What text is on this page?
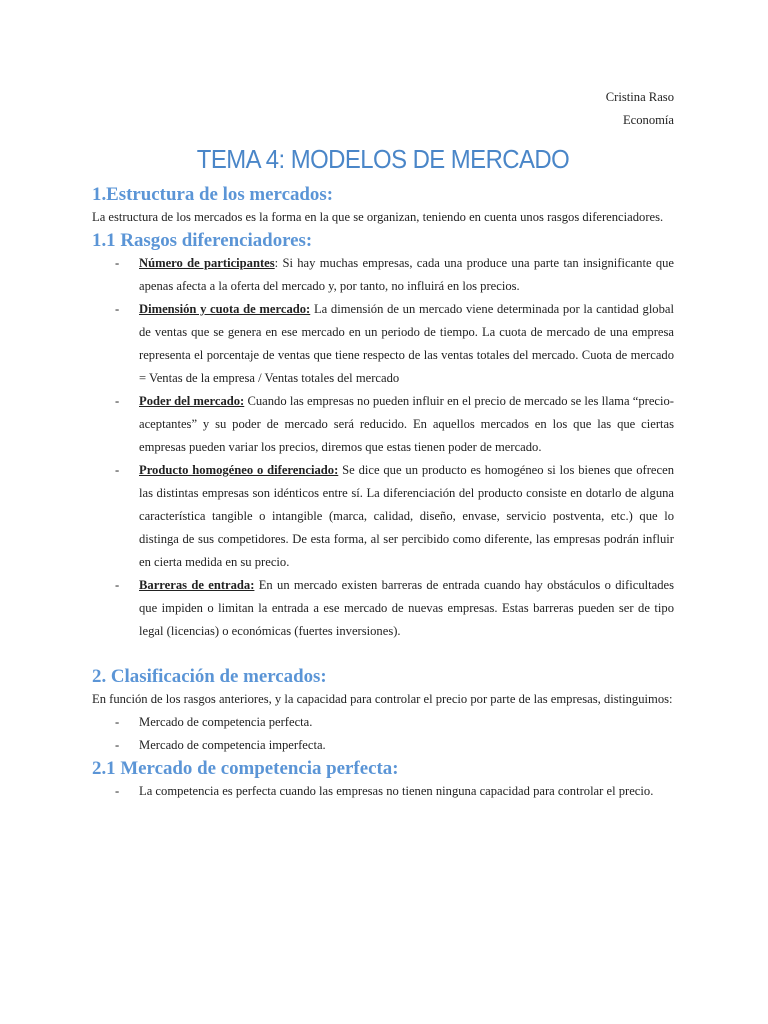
Cristina Raso
Economía
TEMA 4: MODELOS DE MERCADO
1.Estructura de los mercados:

La estructura de los mercados es la forma en la que se organizan, teniendo en cuenta unos rasgos diferenciadores.

1.1 Rasgos diferenciadores:
- Número de participantes: Si hay muchas empresas, cada una produce una parte tan insignificante que apenas afecta a la oferta del mercado y, por tanto, no influirá en los precios.
- Dimensión y cuota de mercado: La dimensión de un mercado viene determinada por la cantidad global de ventas que se genera en ese mercado en un periodo de tiempo. La cuota de mercado de una empresa representa el porcentaje de ventas que tiene respecto de las ventas totales del mercado. Cuota de mercado = Ventas de la empresa / Ventas totales del mercado
- Poder del mercado: Cuando las empresas no pueden influir en el precio de mercado se les llama “precio-aceptantes” y su poder de mercado será reducido. En aquellos mercados en los que las que ciertas empresas pueden variar los precios, diremos que estas tienen poder de mercado.
- Producto homogéneo o diferenciado: Se dice que un producto es homogéneo si los bienes que ofrecen las distintas empresas son idénticos entre sí. La diferenciación del producto consiste en dotarlo de alguna característica tangible o intangible (marca, calidad, diseño, envase, servicio postventa, etc.) que lo distinga de sus competidores. De esta forma, al ser percibido como diferente, las empresas podrán influir en cierta medida en su precio.
- Barreras de entrada: En un mercado existen barreras de entrada cuando hay obstáculos o dificultades que impiden o limitan la entrada a ese mercado de nuevas empresas. Estas barreras pueden ser de tipo legal (licencias) o económicas (fuertes inversiones).
2. Clasificación de mercados:

En función de los rasgos anteriores, y la capacidad para controlar el precio por parte de las empresas, distinguimos:

- Mercado de competencia perfecta.
- Mercado de competencia imperfecta.
2.1 Mercado de competencia perfecta:
- La competencia es perfecta cuando las empresas no tienen ninguna capacidad para controlar el precio.
